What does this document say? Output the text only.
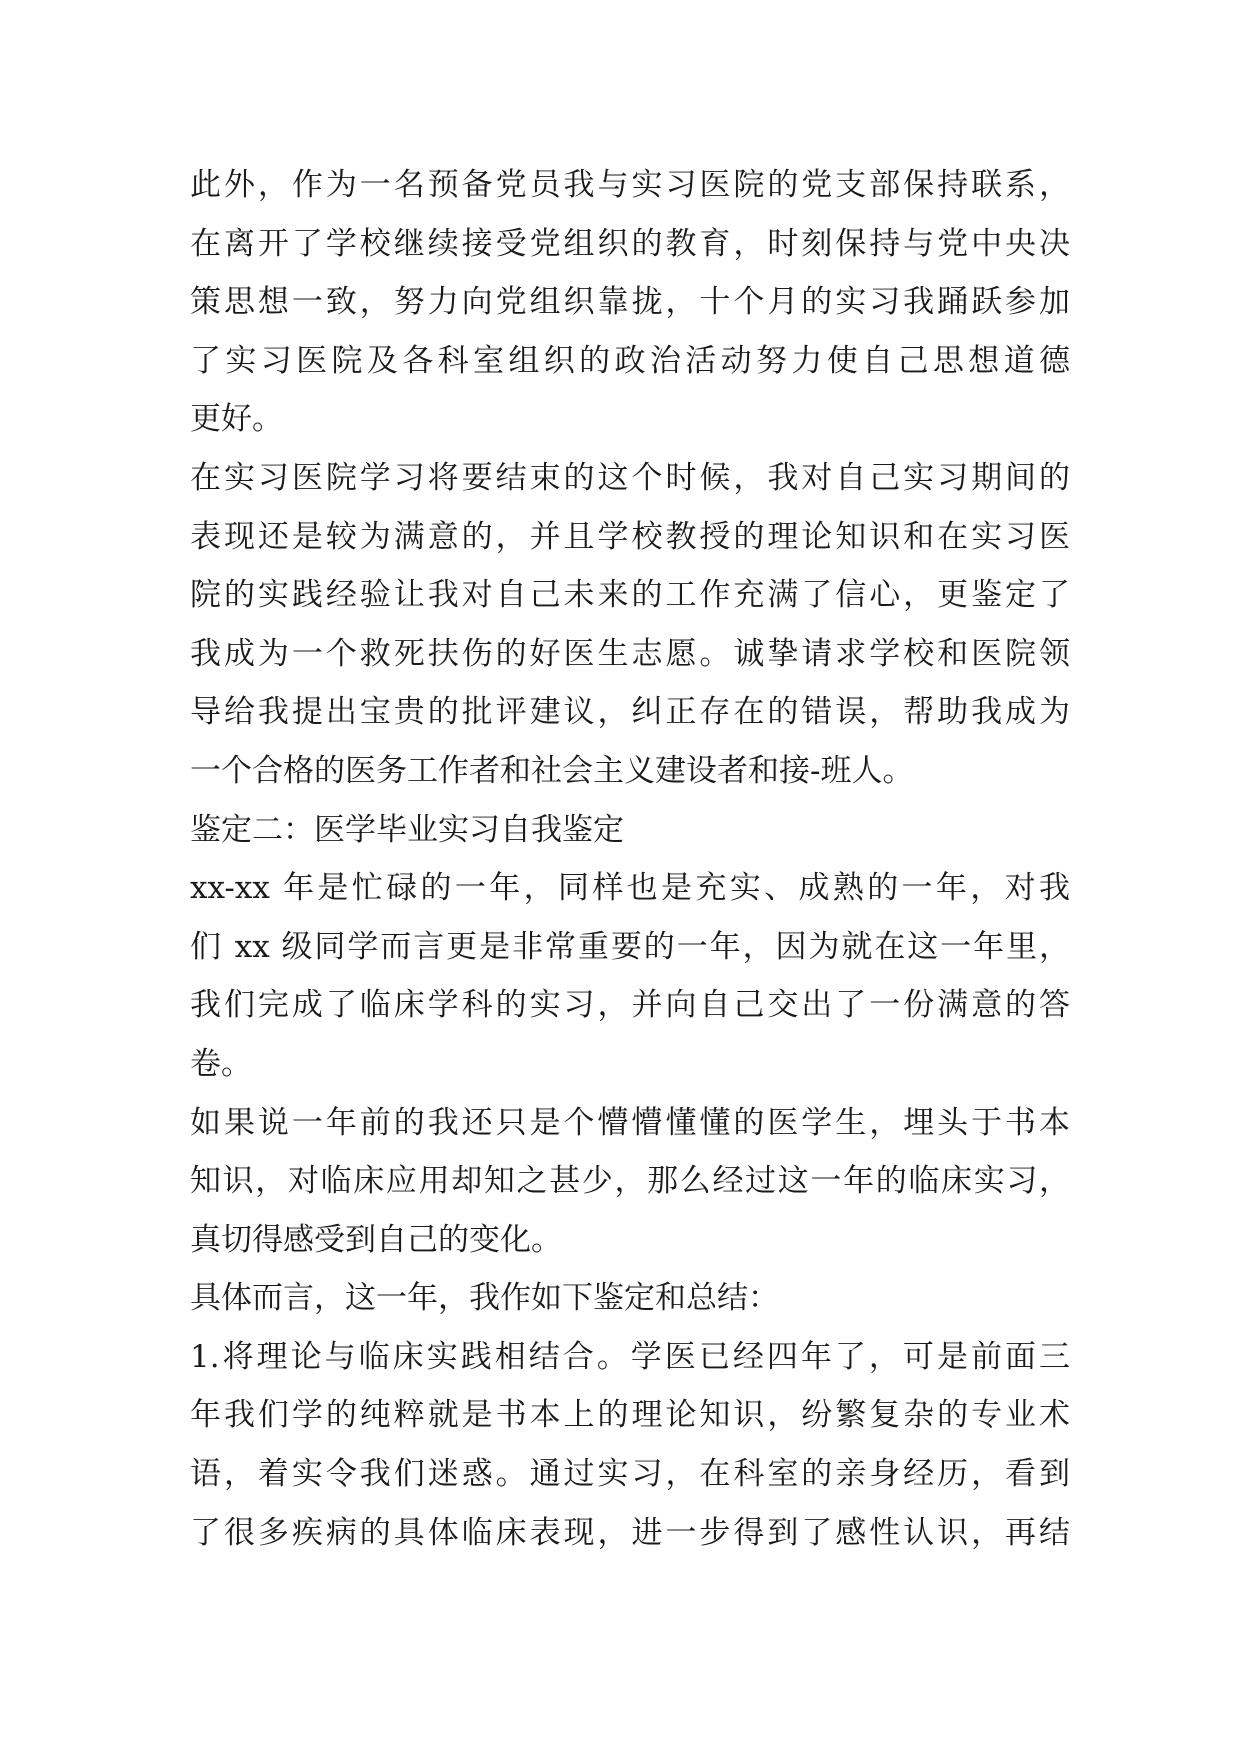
此外，作为一名预备党员我与实习医院的党支部保持联系，
在离开了学校继续接受党组织的教育，时刻保持与党中央决
策思想一致，努力向党组织靠拢，十个月的实习我踊跃参加
了实习医院及各科室组织的政治活动努力使自己思想道德
更好。
在实习医院学习将要结束的这个时候，我对自己实习期间的
表现还是较为满意的，并且学校教授的理论知识和在实习医
院的实践经验让我对自己未来的工作充满了信心，更鉴定了
我成为一个救死扶伤的好医生志愿。诚挚请求学校和医院领
导给我提出宝贵的批评建议，纠正存在的错误，帮助我成为
一个合格的医务工作者和社会主义建设者和接-班人。
鉴定二：医学毕业实习自我鉴定
xx-xx 年是忙碌的一年，同样也是充实、成熟的一年，对我
们 xx 级同学而言更是非常重要的一年，因为就在这一年里，
我们完成了临床学科的实习，并向自己交出了一份满意的答
卷。
如果说一年前的我还只是个懵懵懂懂的医学生，埋头于书本
知识，对临床应用却知之甚少，那么经过这一年的临床实习，
真切得感受到自己的变化。
具体而言，这一年，我作如下鉴定和总结：
1.将理论与临床实践相结合。学医已经四年了，可是前面三
年我们学的纯粹就是书本上的理论知识，纷繁复杂的专业术
语，着实令我们迷惑。通过实习，在科室的亲身经历，看到
了很多疾病的具体临床表现，进一步得到了感性认识，再结
